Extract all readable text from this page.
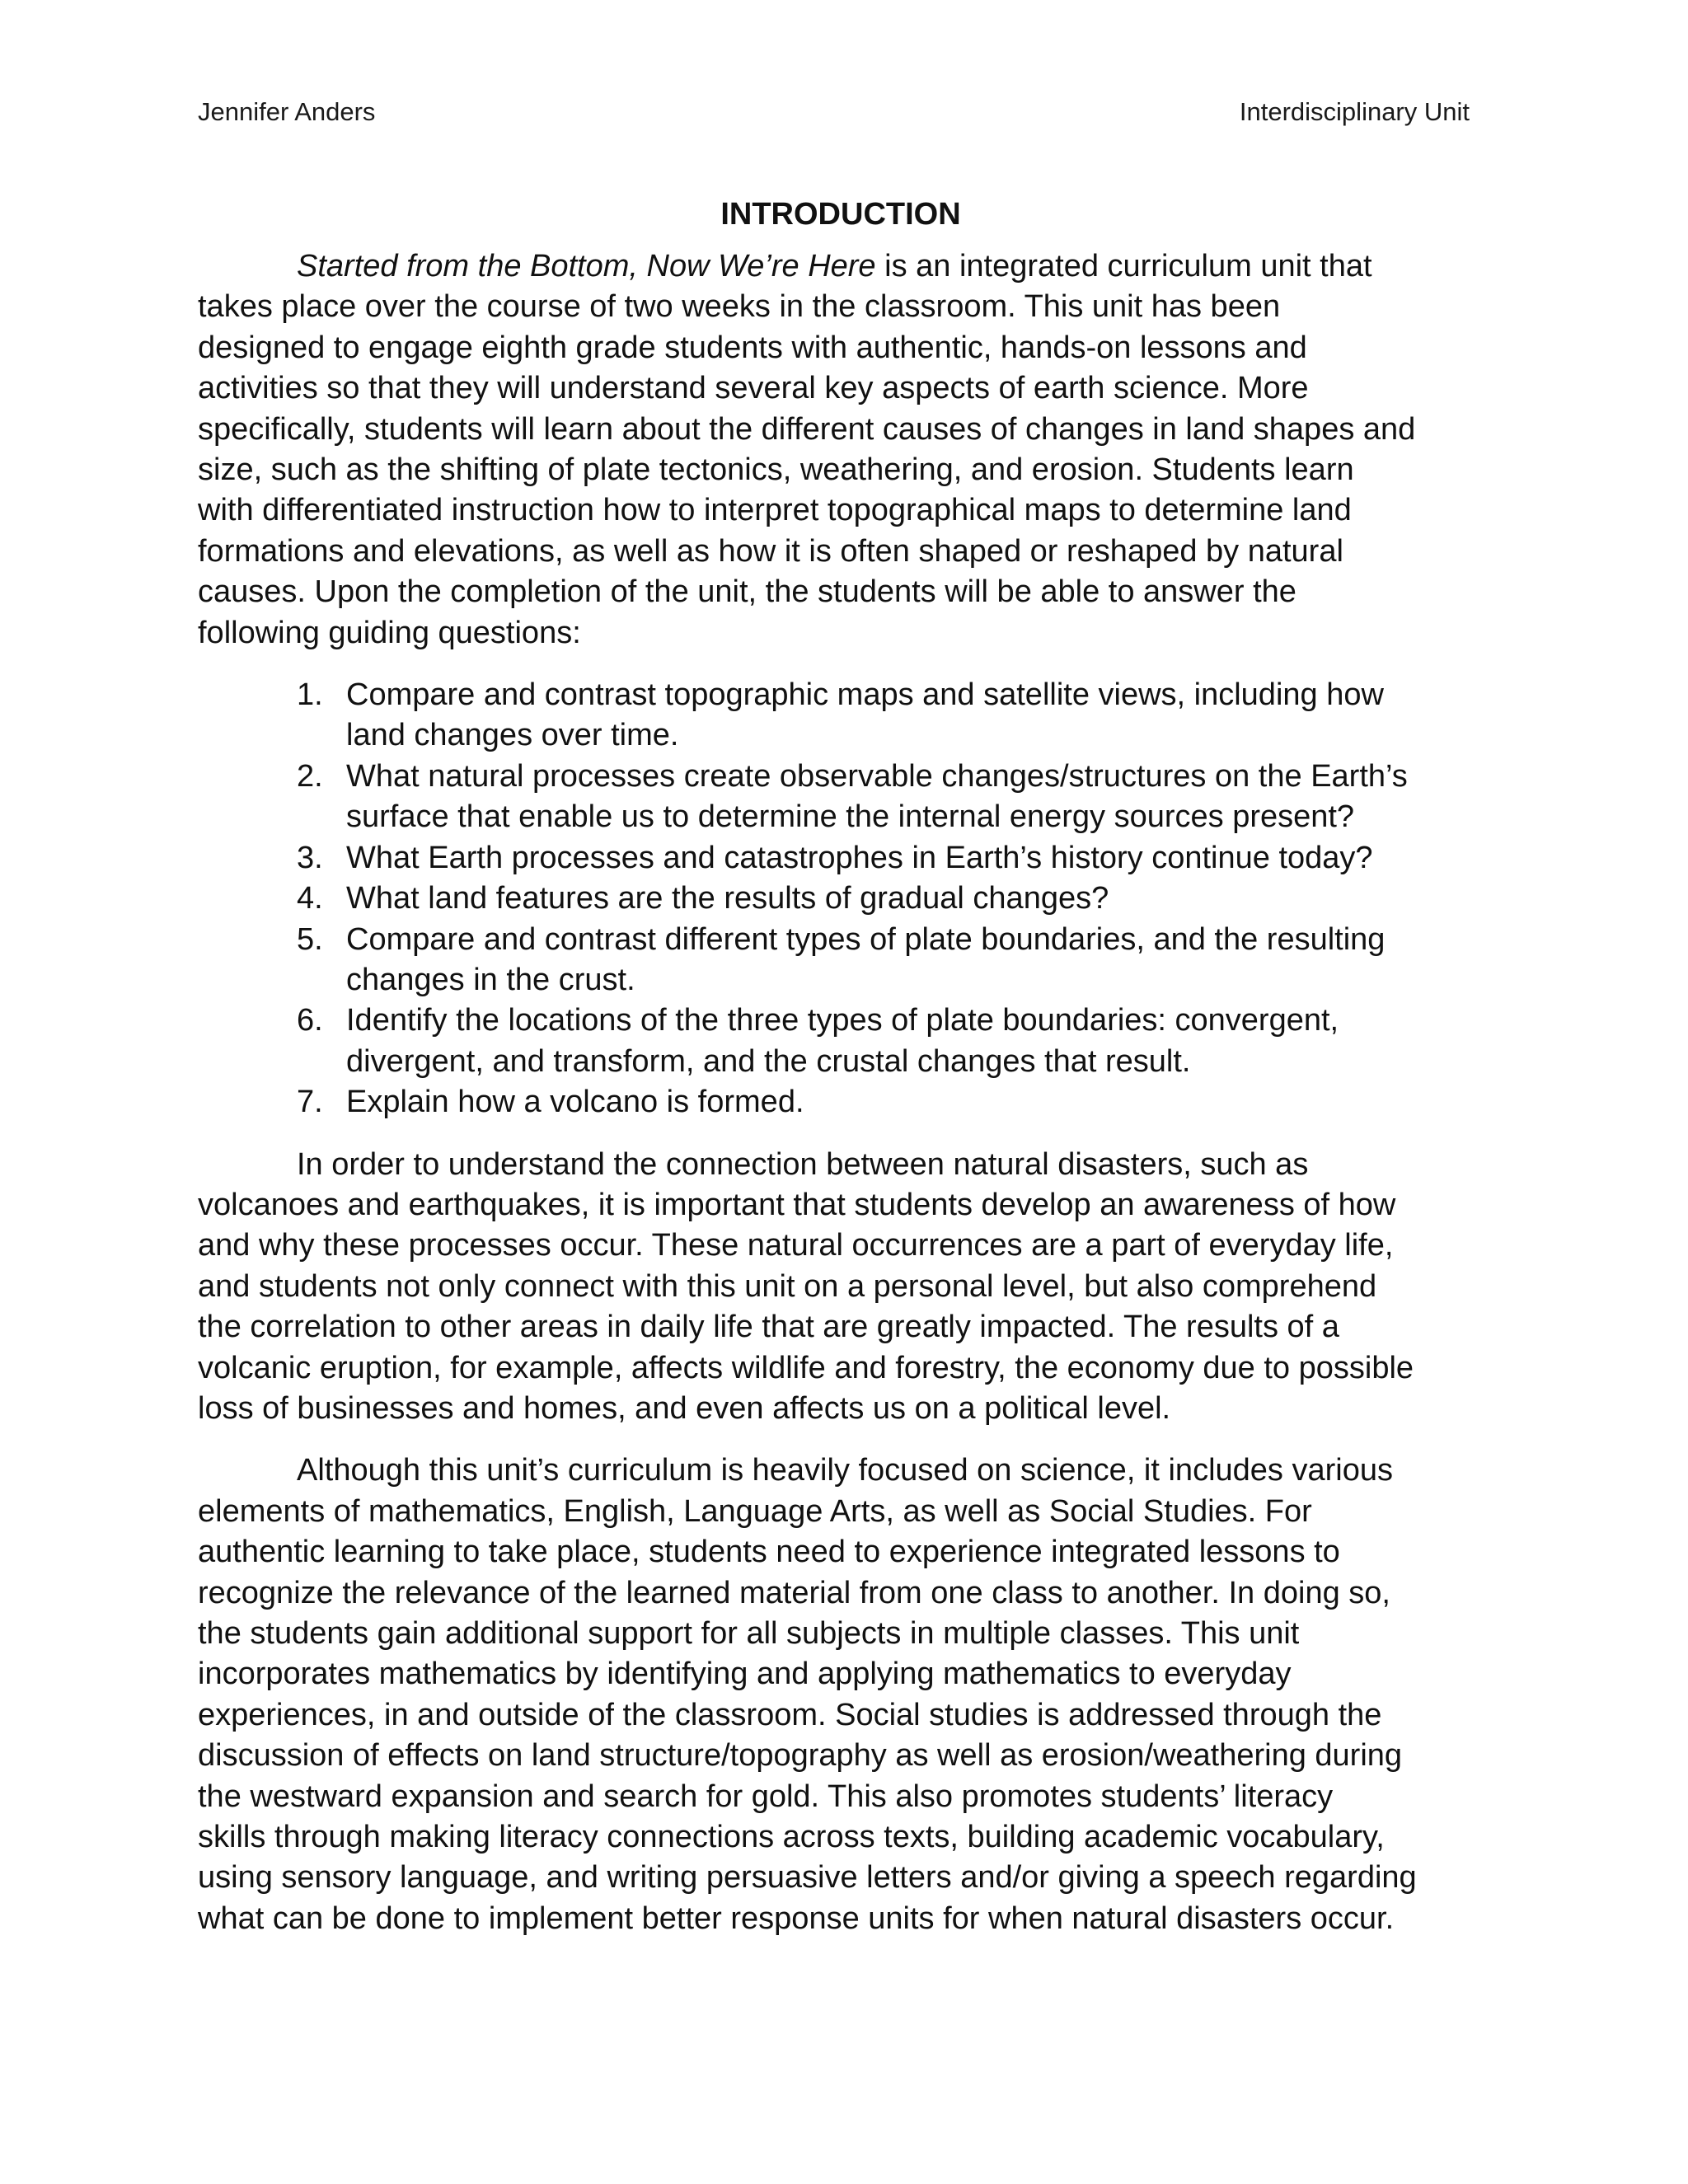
Jennifer Anders	Interdisciplinary Unit
INTRODUCTION
Started from the Bottom, Now We’re Here is an integrated curriculum unit that
takes place over the course of two weeks in the classroom. This unit has been
designed to engage eighth grade students with authentic, hands-on lessons and
activities so that they will understand several key aspects of earth science. More
specifically, students will learn about the different causes of changes in land shapes and
size, such as the shifting of plate tectonics, weathering, and erosion. Students learn
with differentiated instruction how to interpret topographical maps to determine land
formations and elevations, as well as how it is often shaped or reshaped by natural
causes. Upon the completion of the unit, the students will be able to answer the
following guiding questions:
1. Compare and contrast topographic maps and satellite views, including how
land changes over time.
2. What natural processes create observable changes/structures on the Earth’s
surface that enable us to determine the internal energy sources present?
3. What Earth processes and catastrophes in Earth’s history continue today?
4. What land features are the results of gradual changes?
5. Compare and contrast different types of plate boundaries, and the resulting
changes in the crust.
6. Identify the locations of the three types of plate boundaries: convergent,
divergent, and transform, and the crustal changes that result.
7. Explain how a volcano is formed.
In order to understand the connection between natural disasters, such as
volcanoes and earthquakes, it is important that students develop an awareness of how
and why these processes occur. These natural occurrences are a part of everyday life,
and students not only connect with this unit on a personal level, but also comprehend
the correlation to other areas in daily life that are greatly impacted. The results of a
volcanic eruption, for example, affects wildlife and forestry, the economy due to possible
loss of businesses and homes, and even affects us on a political level.
Although this unit’s curriculum is heavily focused on science, it includes various
elements of mathematics, English, Language Arts, as well as Social Studies. For
authentic learning to take place, students need to experience integrated lessons to
recognize the relevance of the learned material from one class to another. In doing so,
the students gain additional support for all subjects in multiple classes. This unit
incorporates mathematics by identifying and applying mathematics to everyday
experiences, in and outside of the classroom. Social studies is addressed through the
discussion of effects on land structure/topography as well as erosion/weathering during
the westward expansion and search for gold. This also promotes students’ literacy
skills through making literacy connections across texts, building academic vocabulary,
using sensory language, and writing persuasive letters and/or giving a speech regarding
what can be done to implement better response units for when natural disasters occur.
